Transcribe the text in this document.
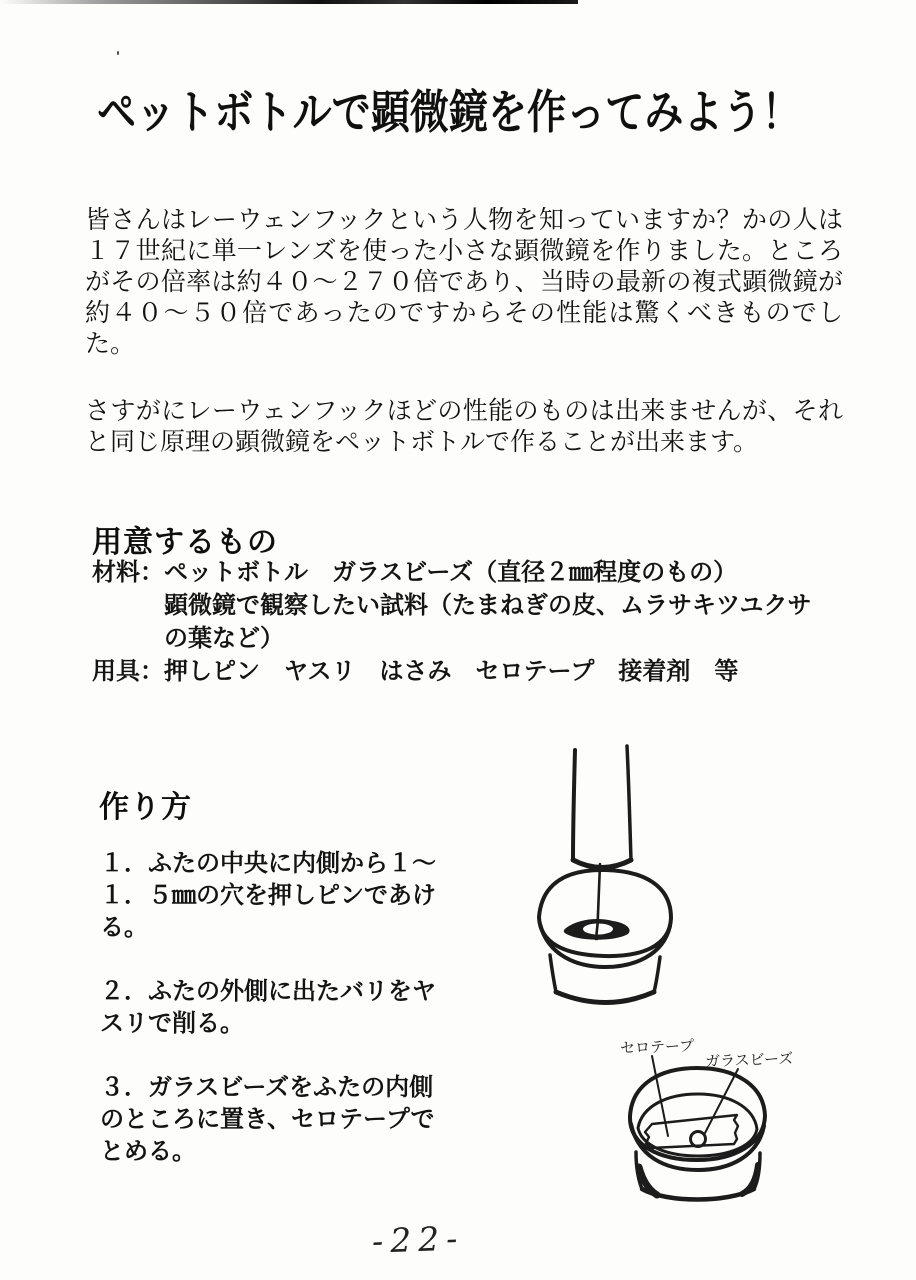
ペットボトルで顕微鏡を作ってみよう！

皆さんはレーウェンフックという人物を知っていますか？かの人は１７世紀に単一レンズを使った小さな顕微鏡を作りました。ところがその倍率は約４０～２７０倍であり、当時の最新の複式顕微鏡が約４０～５０倍であったのですからその性能は驚くべきものでした。

さすがにレーウェンフックほどの性能のものは出来ませんが、それと同じ原理の顕微鏡をペットボトルで作ることが出来ます。

用意するもの
材料： ペットボトル　ガラスビーズ（直径２㎜程度のもの）
顕微鏡で観察したい試料（たまねぎの皮、ムラサキツユクサ
の葉など）
用具： 押しピン　ヤスリ　はさみ　セロテープ　接着剤　等
作り方
１．ふたの中央に内側から１～
１．５㎜の穴を押しピンであけ
る。
２．ふたの外側に出たバリをヤ
スリで削る。
３．ガラスビーズをふたの内側
のところに置き、セロテープで
とめる。
セロテープ
ガラスビーズ
-22-
